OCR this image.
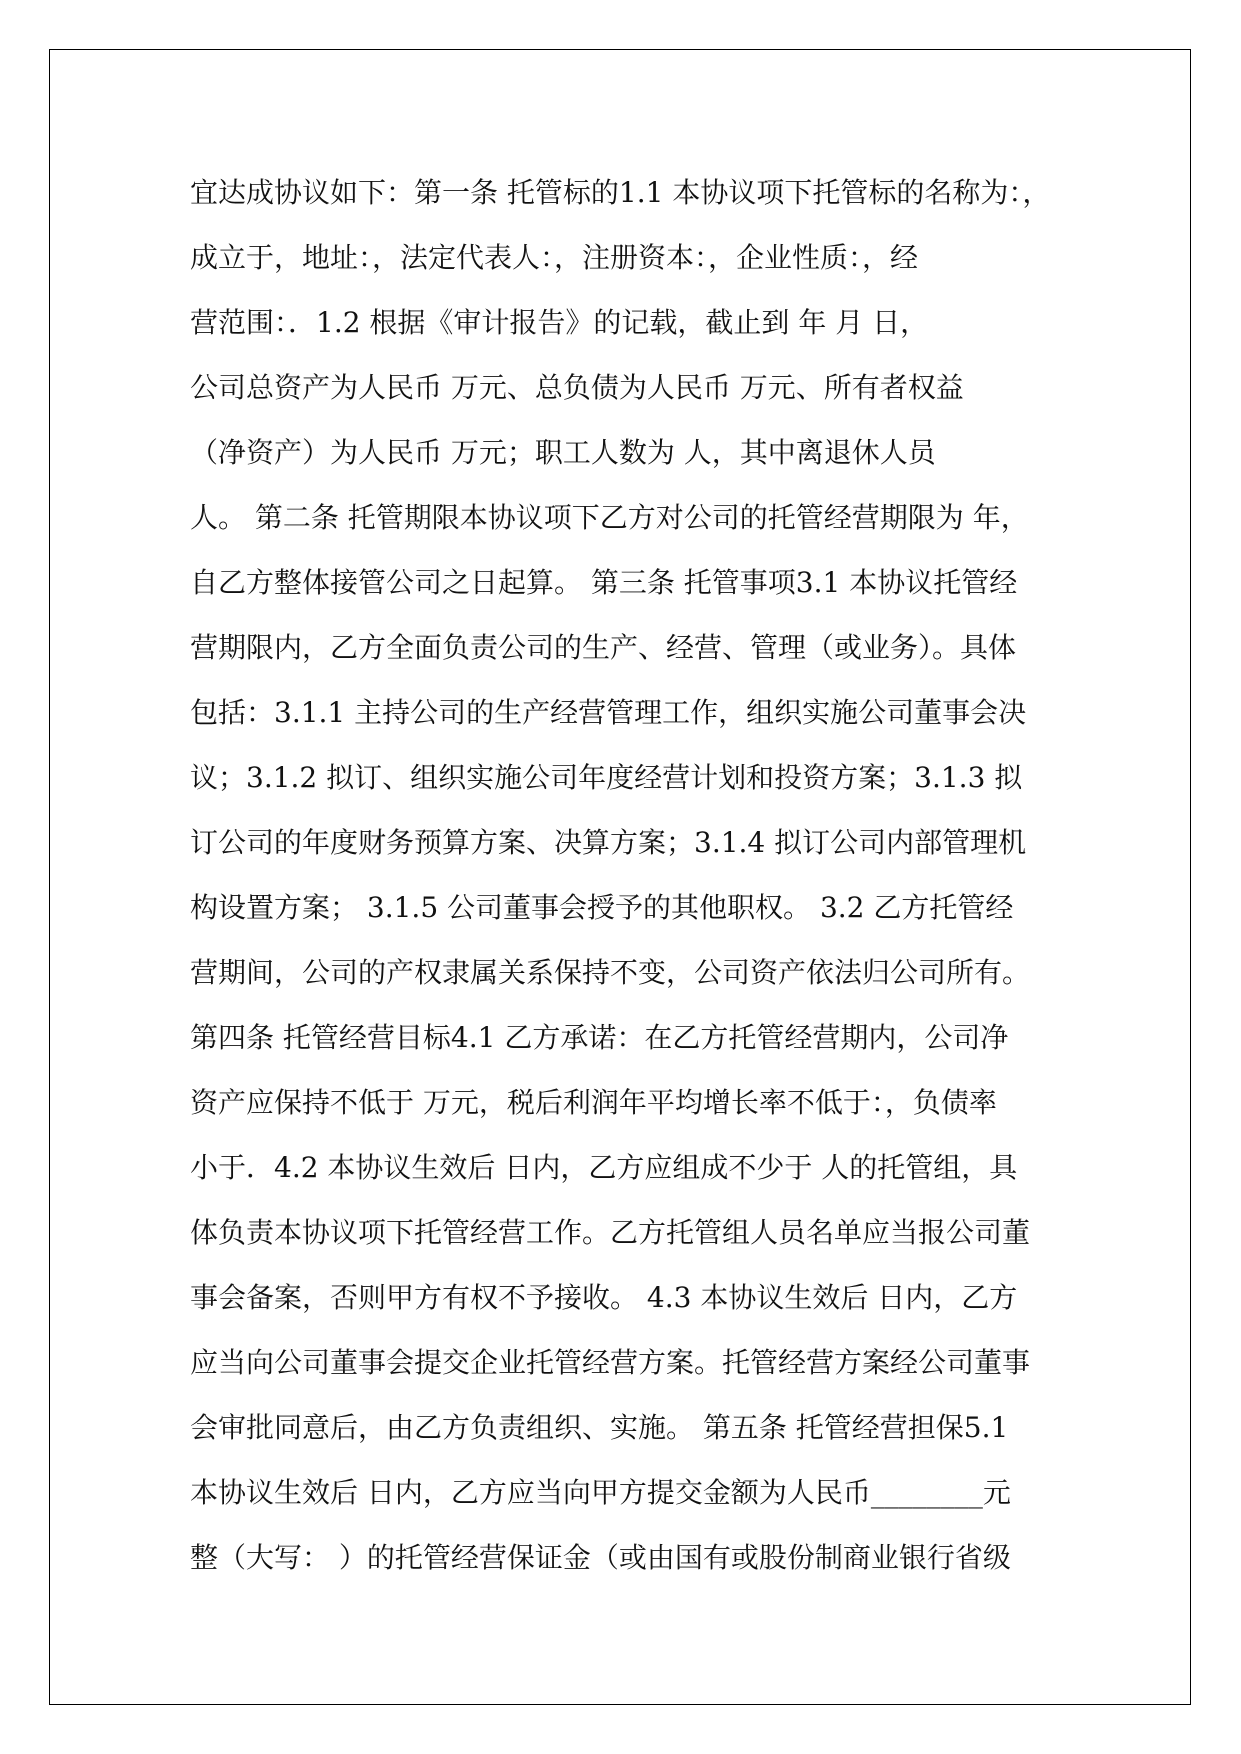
宜达成协议如下：第一条 托管标的1.1 本协议项下托管标的名称为：，
成立于，地址：，法定代表人：，注册资本：，企业性质：，经
营范围：．1.2 根据《审计报告》的记载，截止到 年 月 日，
公司总资产为人民币 万元、总负债为人民币 万元、所有者权益
（净资产）为人民币 万元；职工人数为 人，其中离退休人员
人。 第二条 托管期限本协议项下乙方对公司的托管经营期限为 年，
自乙方整体接管公司之日起算。 第三条 托管事项3.1 本协议托管经
营期限内，乙方全面负责公司的生产、经营、管理（或业务）。具体
包括：3.1.1 主持公司的生产经营管理工作，组织实施公司董事会决
议；3.1.2 拟订、组织实施公司年度经营计划和投资方案；3.1.3 拟
订公司的年度财务预算方案、决算方案；3.1.4 拟订公司内部管理机
构设置方案； 3.1.5 公司董事会授予的其他职权。 3.2 乙方托管经
营期间，公司的产权隶属关系保持不变，公司资产依法归公司所有。
第四条 托管经营目标4.1 乙方承诺：在乙方托管经营期内，公司净
资产应保持不低于 万元，税后利润年平均增长率不低于：，负债率
小于．4.2 本协议生效后 日内，乙方应组成不少于 人的托管组，具
体负责本协议项下托管经营工作。乙方托管组人员名单应当报公司董
事会备案，否则甲方有权不予接收。 4.3 本协议生效后 日内，乙方
应当向公司董事会提交企业托管经营方案。托管经营方案经公司董事
会审批同意后，由乙方负责组织、实施。 第五条 托管经营担保5.1
本协议生效后 日内，乙方应当向甲方提交金额为人民币________元
整（大写： ）的托管经营保证金（或由国有或股份制商业银行省级
